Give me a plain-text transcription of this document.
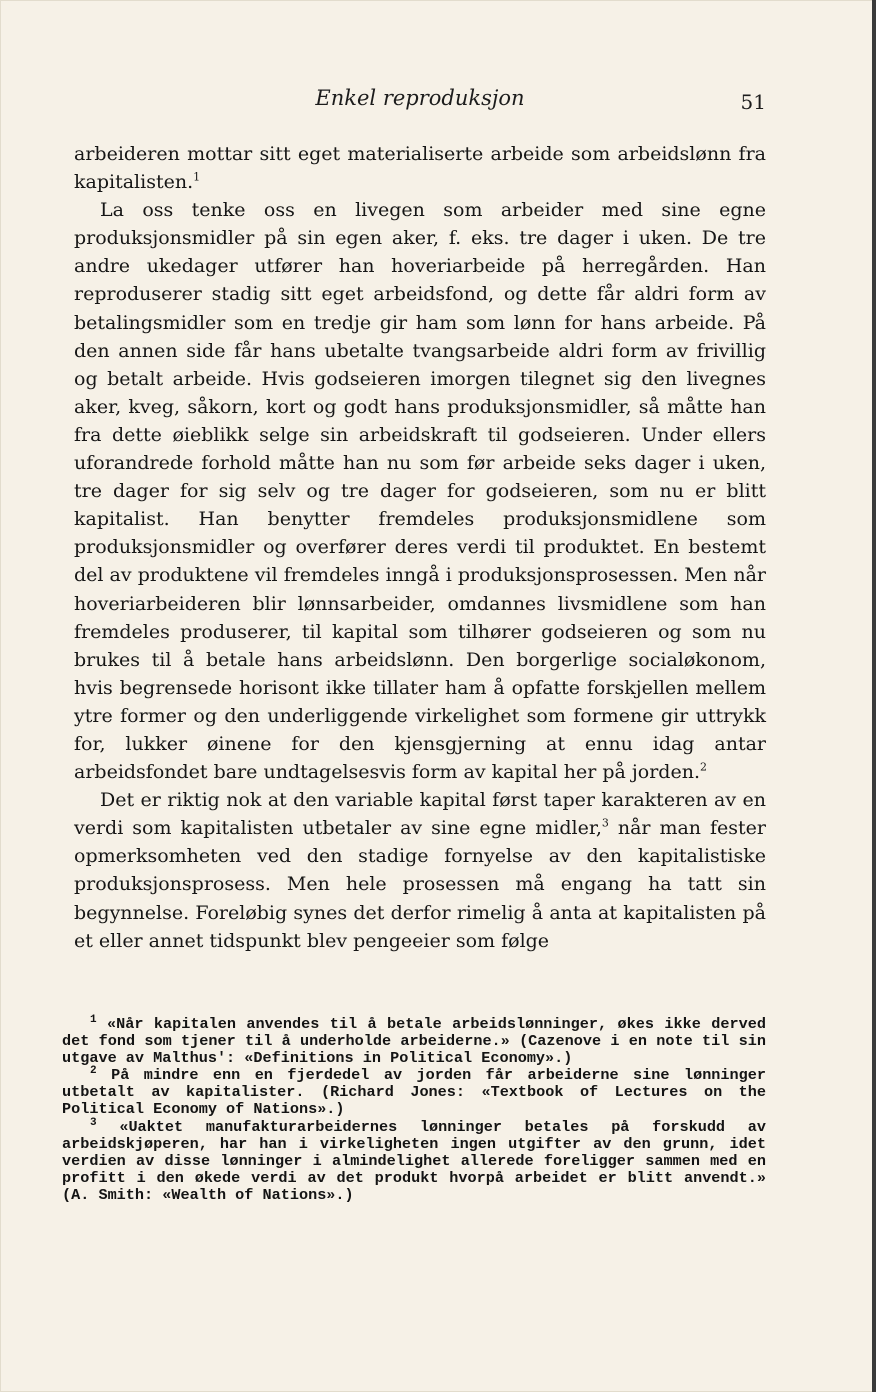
Enkel reproduksjon	51

arbeideren mottar sitt eget materialiserte arbeide som arbeidslønn fra kapitalisten.$^1$

La oss tenke oss en livegen som arbeider med sine egne produksjonsmidler på sin egen aker, f. eks. tre dager i uken. De tre andre ukedager utfører han hoveriarbeide på herregården. Han reproduserer stadig sitt eget arbeidsfond, og dette får aldri form av betalingsmidler som en tredje gir ham som lønn for hans arbeide. På den annen side får hans ubetalte tvangsarbeide aldri form av frivillig og betalt arbeide. Hvis godseieren imorgen tilegnet sig den livegnes aker, kveg, såkorn, kort og godt hans produksjonsmidler, så måtte han fra dette øieblikk selge sin arbeidskraft til godseieren. Under ellers uforandrede forhold måtte han nu som før arbeide seks dager i uken, tre dager for sig selv og tre dager for godseieren, som nu er blitt kapitalist. Han benytter fremdeles produksjonsmidlene som produksjonsmidler og overfører deres verdi til produktet. En bestemt del av produktene vil fremdeles inngå i produksjonsprosessen. Men når hoveriarbeideren blir lønnsarbeider, omdannes livsmidlene som han fremdeles produserer, til kapital som tilhører godseieren og som nu brukes til å betale hans arbeidslønn. Den borgerlige socialøkonom, hvis begrensede horisont ikke tillater ham å opfatte forskjellen mellem ytre former og den underliggende virkelighet som formene gir uttrykk for, lukker øinene for den kjensgjerning at ennu idag antar arbeidsfondet bare undtagelsesvis form av kapital her på jorden.$^2$

Det er riktig nok at den variable kapital først taper karakteren av en verdi som kapitalisten utbetaler av sine egne midler,$^3$ når man fester opmerksomheten ved den stadige fornyelse av den kapitalistiske produksjonsprosess. Men hele prosessen må engang ha tatt sin begynnelse. Foreløbig synes det derfor rimelig å anta at kapitalisten på et eller annet tidspunkt blev pengeeier som følge

$^1$ «Når kapitalen anvendes til å betale arbeidslønninger, økes ikke derved det fond som tjener til å underholde arbeiderne.» (Cazenove i en note til sin utgave av Malthus': «Definitions in Political Economy».)

$^2$ På mindre enn en fjerdedel av jorden får arbeiderne sine lønninger utbetalt av kapitalister. (Richard Jones: «Textbook of Lectures on the Political Economy of Nations».)

$^3$ «Uaktet manufakturarbeidernes lønninger betales på forskudd av arbeidskjøperen, har han i virkeligheten ingen utgifter av den grunn, idet verdien av disse lønninger i almindelighet allerede foreligger sammen med en profitt i den økede verdi av det produkt hvorpå arbeidet er blitt anvendt.» (A. Smith: «Wealth of Nations».)
